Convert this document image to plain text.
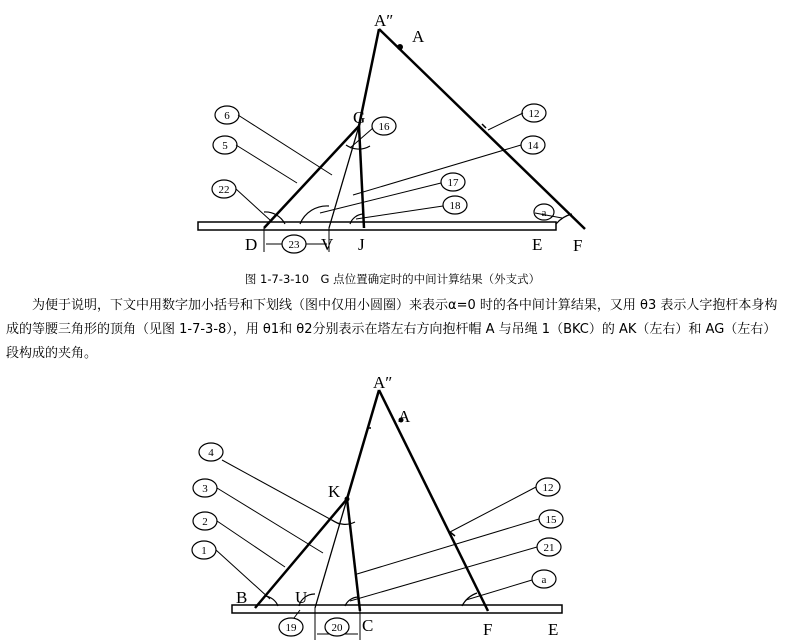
A″
A
G
D	V J	E F
6
5
22
16
12
14
17
18
a
23
A″
A
K
B	U
C	F	E
4
3
2
1
12
15
21
a
19	20
图 1-7-3-10　G 点位置确定时的中间计算结果（外支式）

为便于说明，下文中用数字加小括号和下划线（图中仅用小圆圈）来表示α=0 时的各中间计算结果，又用 θ3 表示人字抱杆本身构成的等腰三角形的顶角（见图 1-7-3-8），用 θ1和 θ2分别表示在塔左右方向抱杆帽 A 与吊绳 1（BKC）的 AK（左右）和 AG（左右）段构成的夹角。
